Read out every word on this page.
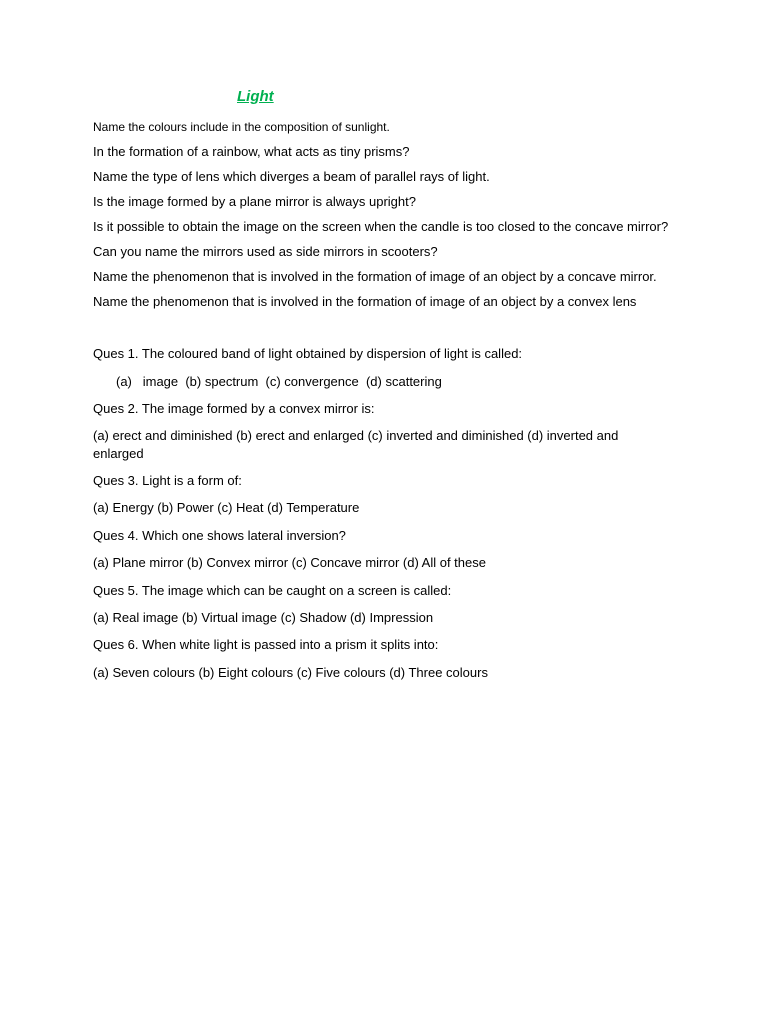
Light

Name the colours include in the composition of sunlight.

In the formation of a rainbow, what acts as tiny prisms?

Name the type of lens which diverges a beam of parallel rays of light.

Is the image formed by a plane mirror is always upright?

Is it possible to obtain the image on the screen when the candle is too closed to the concave mirror?

Can you name the mirrors used as side mirrors in scooters?

Name the phenomenon that is involved in the formation of image of an object by a concave mirror.

Name the phenomenon that is involved in the formation of image of an object by a convex lens

Ques 1. The coloured band of light obtained by dispersion of light is called:

(a)   image  (b) spectrum  (c) convergence  (d) scattering

Ques 2. The image formed by a convex mirror is:

(a) erect and diminished (b) erect and enlarged (c) inverted and diminished (d) inverted and enlarged

Ques 3. Light is a form of:

(a) Energy (b) Power (c) Heat (d) Temperature

Ques 4. Which one shows lateral inversion?

(a) Plane mirror (b) Convex mirror (c) Concave mirror (d) All of these

Ques 5. The image which can be caught on a screen is called:

(a) Real image (b) Virtual image (c) Shadow (d) Impression

Ques 6. When white light is passed into a prism it splits into:

(a) Seven colours (b) Eight colours (c) Five colours (d) Three colours
